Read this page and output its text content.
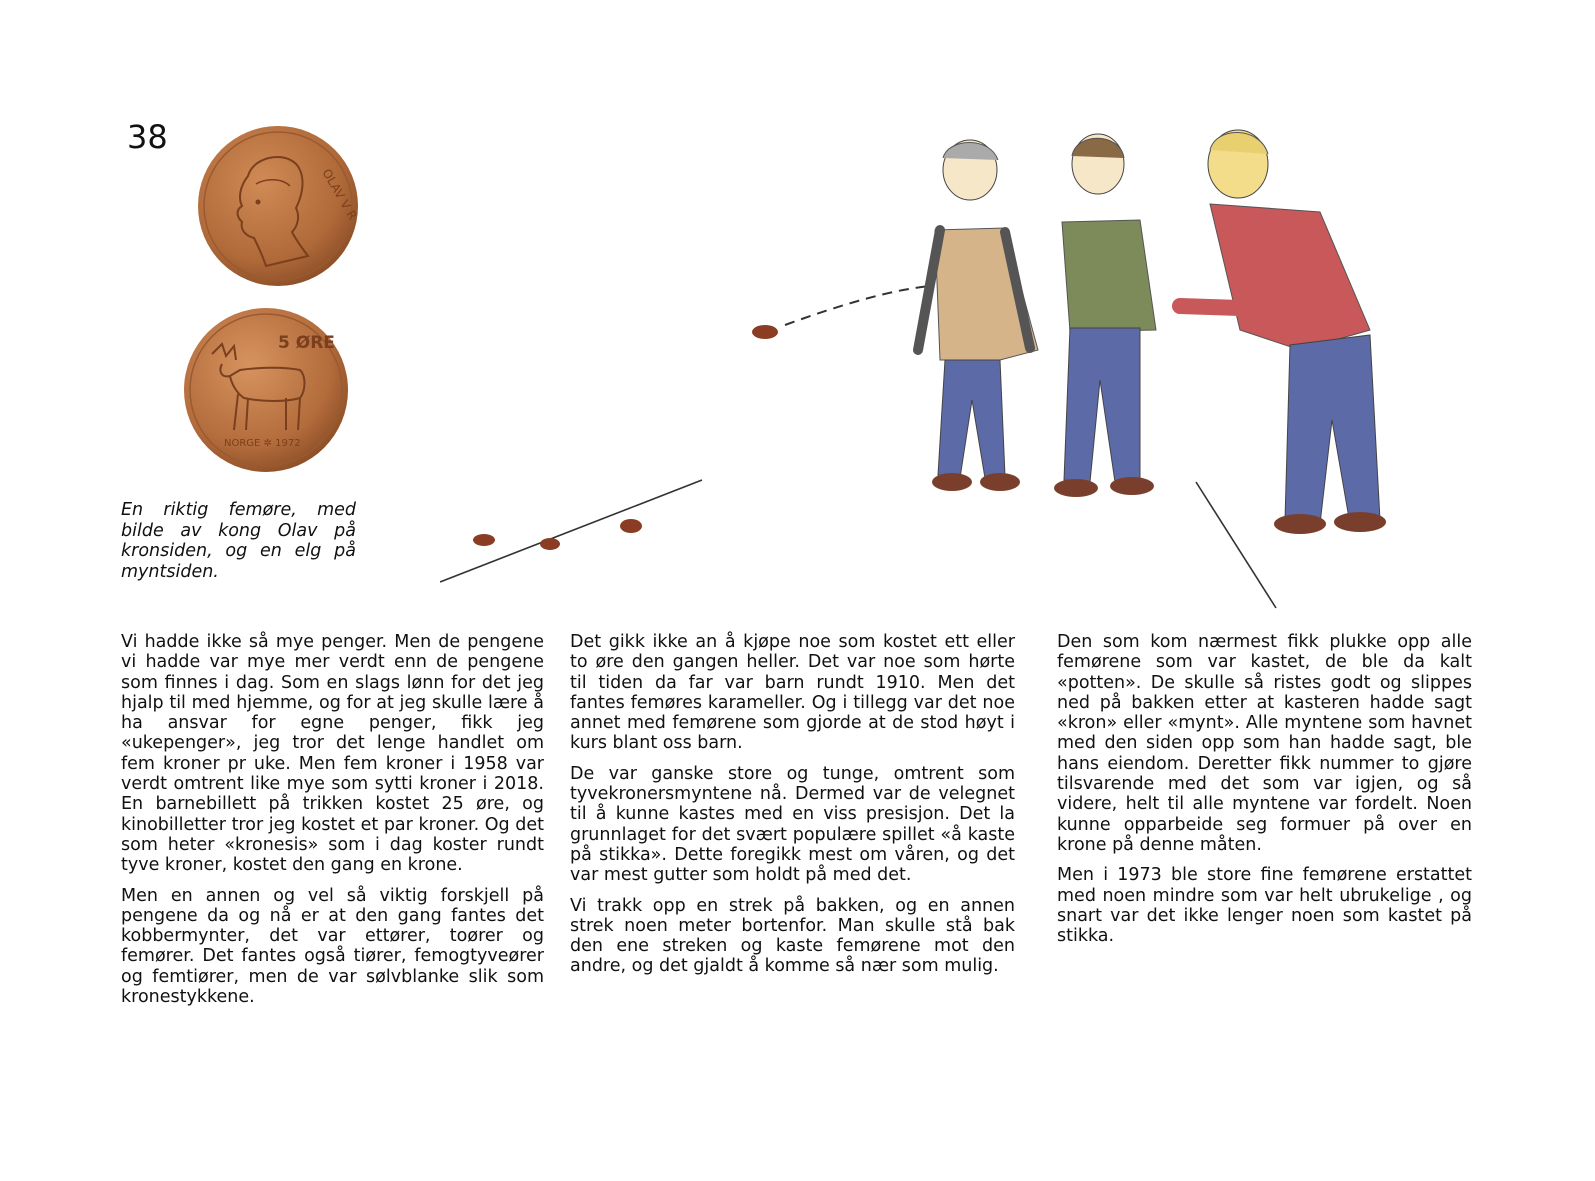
38
OLAV V R
5 ØRE
NORGE ✲ 1972

En riktig femøre, med bilde av kong Olav på kronsiden, og en elg på myntsiden.

Vi hadde ikke så mye penger. Men de pengene vi hadde var mye mer verdt enn de pengene som finnes i dag. Som en slags lønn for det jeg hjalp til med hjemme, og for at jeg skulle lære å ha ansvar for egne penger, fikk jeg «ukepenger», jeg tror det lenge handlet om fem kroner pr uke. Men fem kroner i 1958 var verdt omtrent like mye som sytti kroner i 2018. En barnebillett på trikken kostet 25 øre, og kinobilletter tror jeg kostet et par kroner. Og det som heter «kronesis» som i dag koster rundt tyve kroner, kostet den gang en krone.

Men en annen og vel så viktig forskjell på pengene da og nå er at den gang fantes det kobbermynter, det var ettører, toører og femører. Det fantes også tiører, femogtyveører og femtiører, men de var sølvblanke slik som kronestykkene.

Det gikk ikke an å kjøpe noe som kostet ett eller to øre den gangen heller. Det var noe som hørte til tiden da far var barn rundt 1910. Men det fantes femøres karameller. Og i tillegg var det noe annet med femørene som gjorde at de stod høyt i kurs blant oss barn.

De var ganske store og tunge, omtrent som tyvekronersmyntene nå. Dermed var de velegnet til å kunne kastes med en viss presisjon. Det la grunnlaget for det svært populære spillet «å kaste på stikka». Dette foregikk mest om våren, og det var mest gutter som holdt på med det.

Vi trakk opp en strek på bakken, og en annen strek noen meter bortenfor. Man skulle stå bak den ene streken og kaste femørene mot den andre, og det gjaldt å komme så nær som mulig.

Den som kom nærmest fikk plukke opp alle femørene som var kastet, de ble da kalt «potten». De skulle så ristes godt og slippes ned på bakken etter at kasteren hadde sagt «kron» eller «mynt». Alle myntene som havnet med den siden opp som han hadde sagt, ble hans eiendom. Deretter fikk nummer to gjøre tilsvarende med det som var igjen, og så videre, helt til alle myntene var fordelt. Noen kunne opparbeide seg formuer på over en krone på denne måten.

Men i 1973 ble store fine femørene erstattet med noen mindre som var helt ubrukelige , og snart var det ikke lenger noen som kastet på stikka.
